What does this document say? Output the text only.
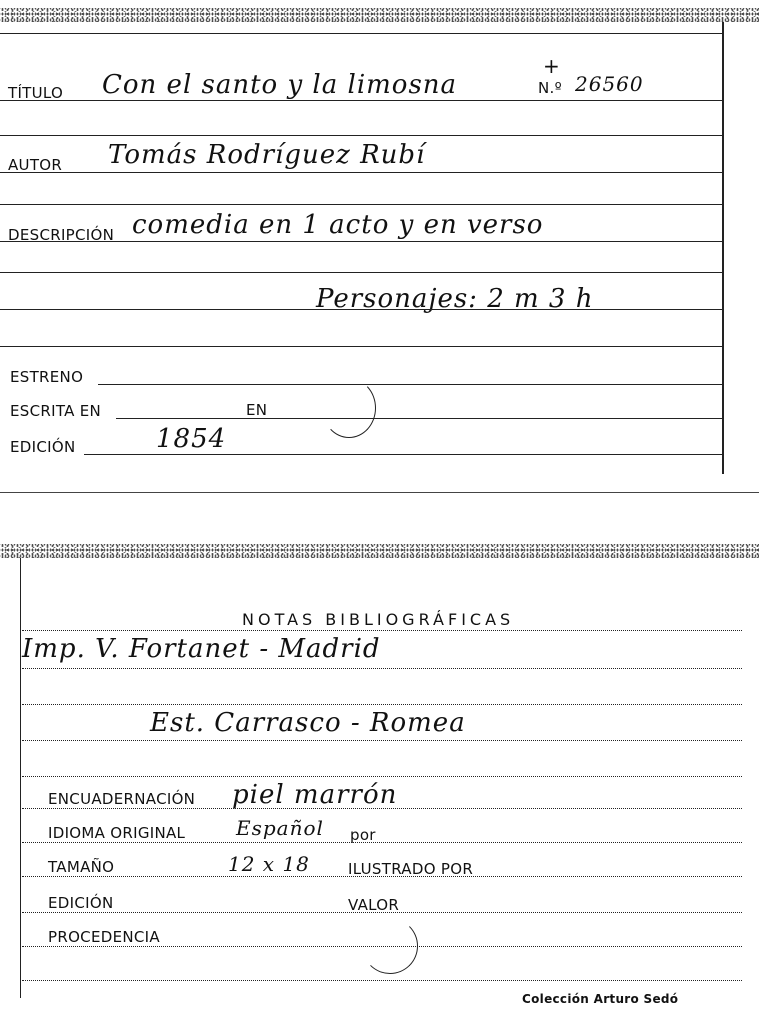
TÍTULO Con el santo y la limosna	N.º 26560
+
AUTOR Tomás Rodríguez Rubí
DESCRIPCIÓN comedia en 1 acto y en verso
Personajes: 2 m 3 h
ESTRENO
ESCRITA EN	EN
EDICIÓN	1854
NOTAS BIBLIOGRÁFICAS
Imp. V. Fortanet - Madrid
Est. Carrasco - Romea
ENCUADERNACIÓN piel marrón
IDIOMA ORIGINAL	Español por
TAMAÑO	12 x 18	ILUSTRADO POR
EDICIÓN	VALOR
PROCEDENCIA
Colección Arturo Sedó
